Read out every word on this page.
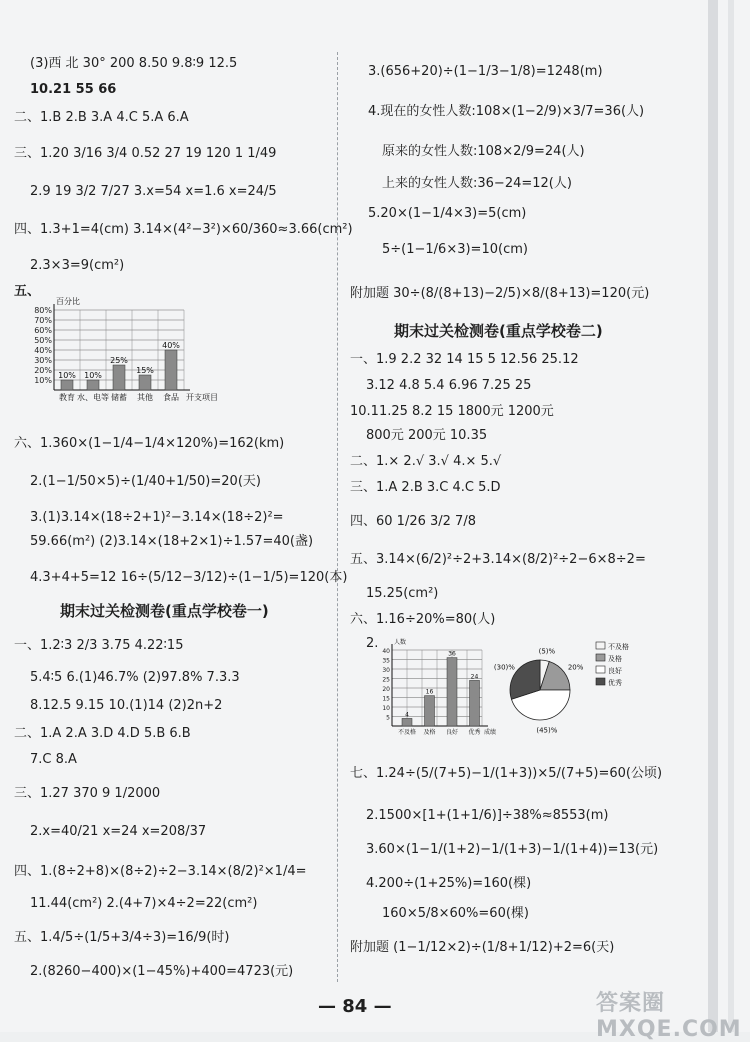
(3)西 北 30° 200 8.50 9.8∶9 12.5
10.21 55 66
二、1.B 2.B 3.A 4.C 5.A 6.A
三、1.20 3/16 3/4 0.52 27 19 120 1 1/49
2.9 19 3/2 7/27 3.x=54 x=1.6 x=24/5
四、1.3+1=4(cm) 3.14×(4²−3²)×60/360≈3.66(cm²)
2.3×3=9(cm²)
五、
10%
20%
30%
40%
50%
60%
70%
80%
百分比
开支项目
10%
教育
10%
水、电等
25%
储蓄
15%
其他
40%
食品
六、1.360×(1−1/4−1/4×120%)=162(km)
2.(1−1/50×5)÷(1/40+1/50)=20(天)
3.(1)3.14×(18÷2+1)²−3.14×(18÷2)²=
59.66(m²) (2)3.14×(18+2×1)÷1.57=40(盏)
4.3+4+5=12 16÷(5/12−3/12)÷(1−1/5)=120(本)
期末过关检测卷(重点学校卷一)
一、1.2∶3 2/3 3.75 4.22∶15
5.4∶5 6.(1)46.7% (2)97.8% 7.3.3
8.12.5 9.15 10.(1)14 (2)2n+2
二、1.A 2.A 3.D 4.D 5.B 6.B
7.C 8.A
三、1.27 370 9 1/2000
2.x=40/21 x=24 x=208/37
四、1.(8÷2+8)×(8÷2)÷2−3.14×(8/2)²×1/4=
11.44(cm²) 2.(4+7)×4÷2=22(cm²)
五、1.4/5÷(1/5+3/4÷3)=16/9(时)
2.(8260−400)×(1−45%)+400=4723(元)
3.(656+20)÷(1−1/3−1/8)=1248(m)
4.现在的女性人数:108×(1−2/9)×3/7=36(人)
原来的女性人数:108×2/9=24(人)
上来的女性人数:36−24=12(人)
5.20×(1−1/4×3)=5(cm)
5÷(1−1/6×3)=10(cm)
附加题 30÷(8/(8+13)−2/5)×8/(8+13)=120(元)
期末过关检测卷(重点学校卷二)
一、1.9 2.2 32 14 15 5 12.56 25.12
3.12 4.8 5.4 6.96 7.25 25
10.11.25 8.2 15 1800元 1200元
800元 200元 10.35
二、1.× 2.√ 3.√ 4.× 5.√
三、1.A 2.B 3.C 4.C 5.D
四、60 1/26 3/2 7/8
五、3.14×(6/2)²÷2+3.14×(8/2)²÷2−6×8÷2=
15.25(cm²)
六、1.16÷20%=80(人)
2.
5
10
15
20
25
30
35
40
人数
成绩
4
不及格
16
及格
36
良好
24
优秀
(5)%
20%
(45)%
(30)%
不及格
及格
良好
优秀
七、1.24÷(5/(7+5)−1/(1+3))×5/(7+5)=60(公顷)
2.1500×[1+(1+1/6)]÷38%≈8553(m)
3.60×(1−1/(1+2)−1/(1+3)−1/(1+4))=13(元)
4.200÷(1+25%)=160(棵)
160×5/8×60%=60(棵)
附加题 (1−1/12×2)÷(1/8+1/12)+2=6(天)
— 84 —	答案圈 MXQE.COM
